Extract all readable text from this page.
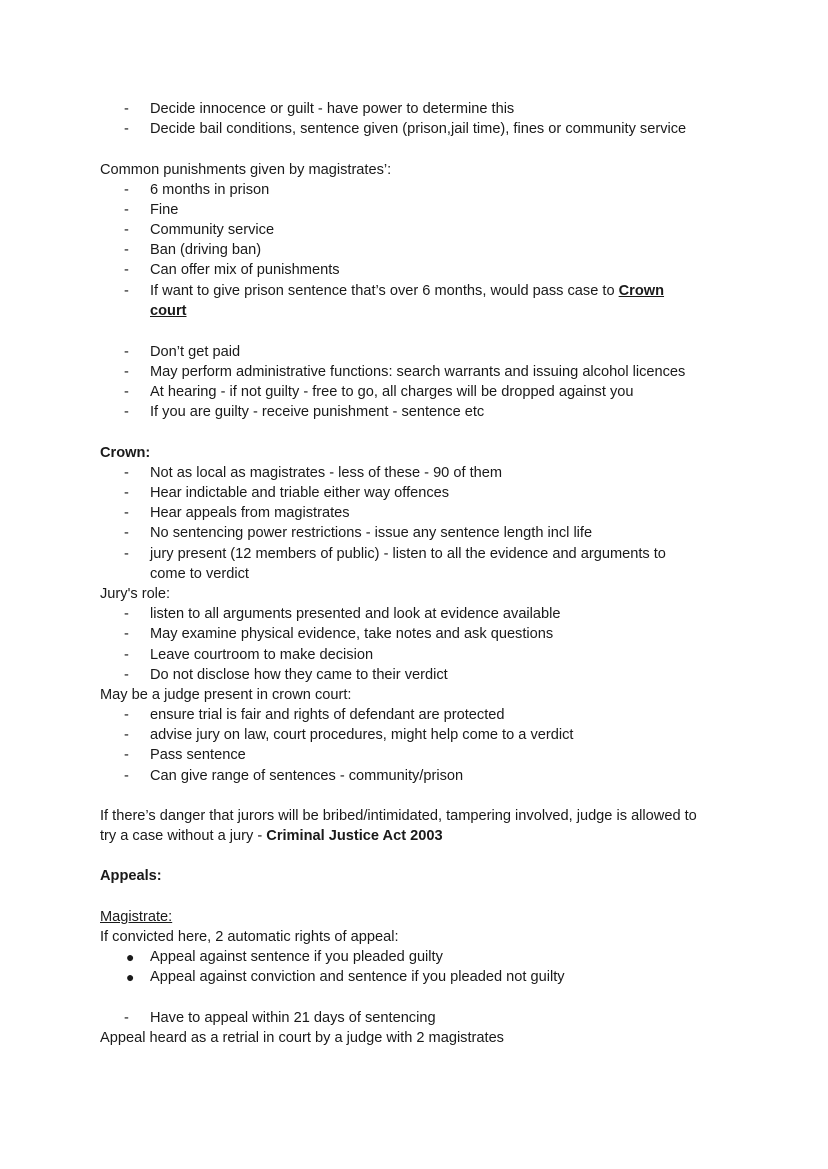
- Decide innocence or guilt - have power to determine this
- Decide bail conditions, sentence given (prison,jail time), fines or community service
Common punishments given by magistrates’:
- 6 months in prison
- Fine
- Community service
- Ban (driving ban)
- Can offer mix of punishments
- If want to give prison sentence that’s over 6 months, would pass case to Crown
court
- Don’t get paid
- May perform administrative functions: search warrants and issuing alcohol licences
- At hearing - if not guilty - free to go, all charges will be dropped against you
- If you are guilty - receive punishment - sentence etc
Crown:
- Not as local as magistrates - less of these - 90 of them
- Hear indictable and triable either way offences
- Hear appeals from magistrates
- No sentencing power restrictions - issue any sentence length incl life
- jury present (12 members of public) - listen to all the evidence and arguments to
come to verdict
Jury's role:
- listen to all arguments presented and look at evidence available
- May examine physical evidence, take notes and ask questions
- Leave courtroom to make decision
- Do not disclose how they came to their verdict
May be a judge present in crown court:
- ensure trial is fair and rights of defendant are protected
- advise jury on law, court procedures, might help come to a verdict
- Pass sentence
- Can give range of sentences - community/prison
If there’s danger that jurors will be bribed/intimidated, tampering involved, judge is allowed to
try a case without a jury - Criminal Justice Act 2003
Appeals:
Magistrate:
If convicted here, 2 automatic rights of appeal:
● Appeal against sentence if you pleaded guilty
● Appeal against conviction and sentence if you pleaded not guilty
- Have to appeal within 21 days of sentencing
Appeal heard as a retrial in court by a judge with 2 magistrates
